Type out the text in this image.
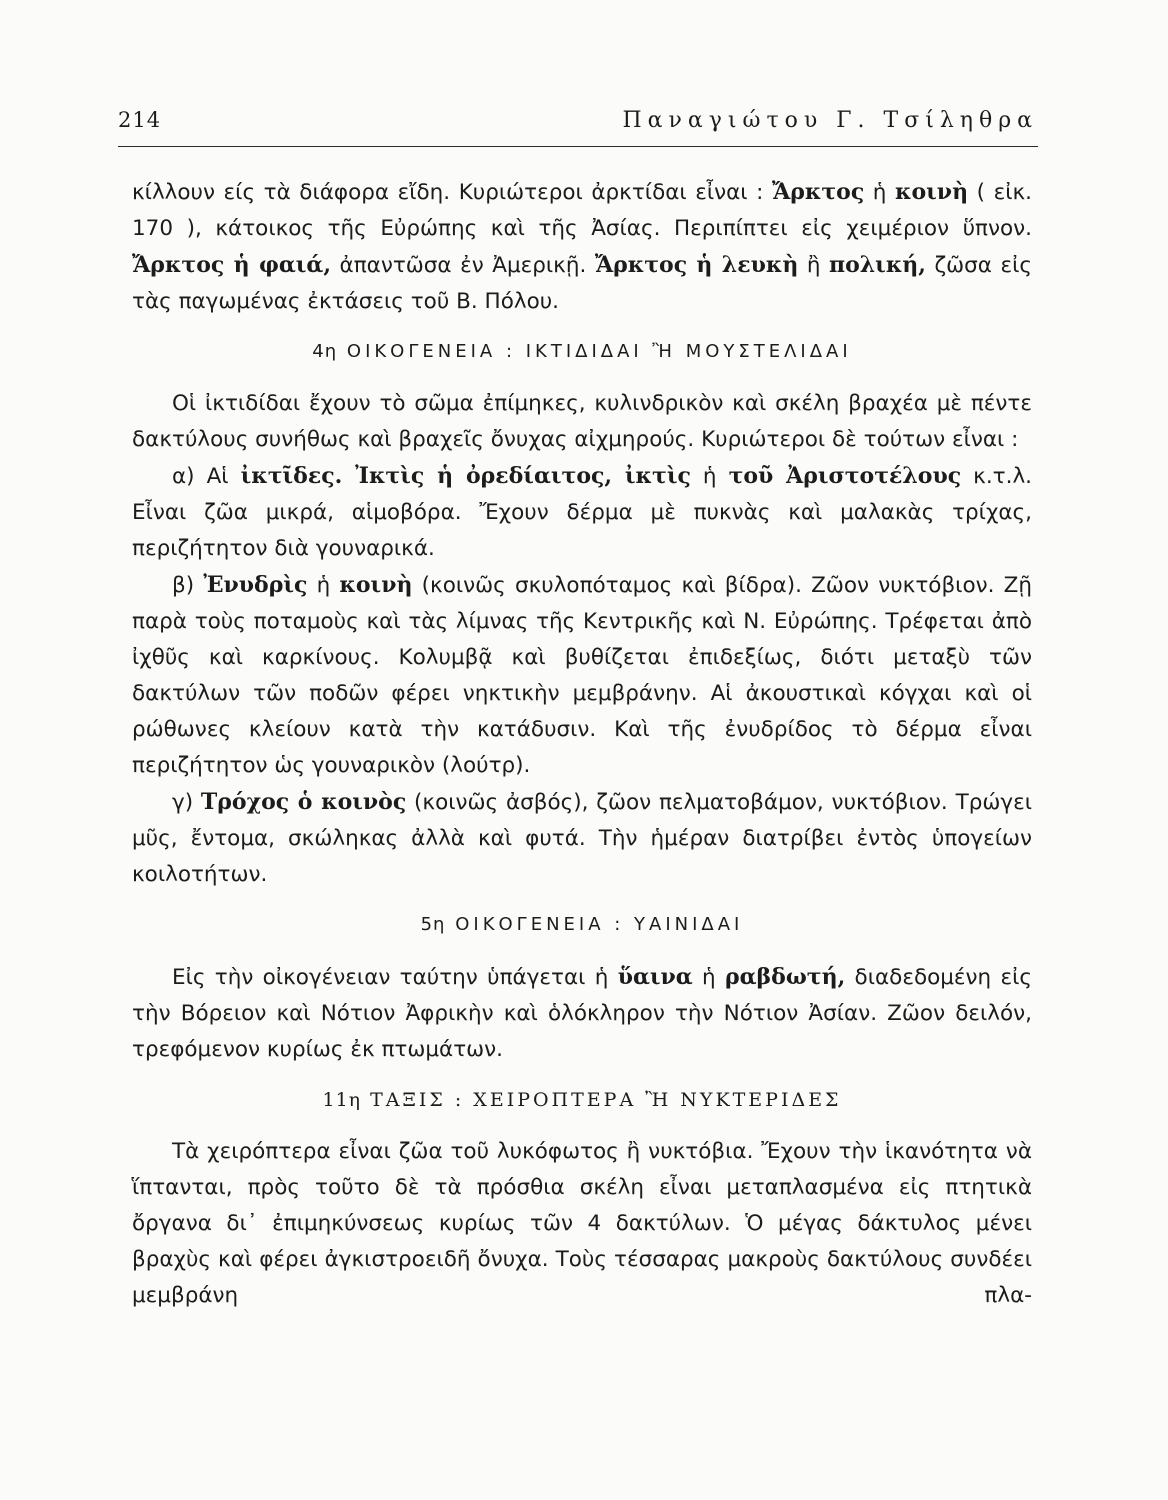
214	Παναγιώτου Γ. Τσίληθρα

κίλλουν είς τὰ διάφορα εἴδη. Κυριώτεροι ἀρκτίδαι εἶναι : Ἄρκτος ἡ κοινὴ ( εἰκ. 170 ), κάτοικος τῆς Εὐρώπης καὶ τῆς Ἀσίας. Περιπίπτει εἰς χειμέριον ὕπνον. Ἄρκτος ἡ φαιά, ἀπαντῶσα ἐν Ἀμερικῇ. Ἄρκτος ἡ λευκὴ ἢ πολική, ζῶσα εἰς τὰς παγωμένας ἐκτάσεις τοῦ Β. Πόλου.

4η ΟΙΚΟΓΕΝΕΙΑ : ΙΚΤΙΔΙΔΑΙ Ἢ ΜΟΥΣΤΕΛΙΔΑΙ

Οἱ ἰκτιδίδαι ἔχουν τὸ σῶμα ἐπίμηκες, κυλινδρικὸν καὶ σκέλη βραχέα μὲ πέντε δακτύλους συνήθως καὶ βραχεῖς ὄνυχας αἰχμηρούς. Κυριώτεροι δὲ τούτων εἶναι :

α) Αἱ ἰκτῖδες. Ἰκτὶς ἡ ὀρεδίαιτος, ἰκτὶς ἡ τοῦ Ἀριστοτέλους κ.τ.λ. Εἶναι ζῶα μικρά, αἱμοβόρα. Ἔχουν δέρμα μὲ πυκνὰς καὶ μαλακὰς τρίχας, περιζήτητον διὰ γουναρικά.

β) Ἐνυδρὶς ἡ κοινὴ (κοινῶς σκυλοπόταμος καὶ βίδρα). Ζῶον νυκτόβιον. Ζῇ παρὰ τοὺς ποταμοὺς καὶ τὰς λίμνας τῆς Κεντρικῆς καὶ Ν. Εὐρώπης. Τρέφεται ἀπὸ ἰχθῦς καὶ καρκίνους. Κολυμβᾷ καὶ βυθίζεται ἐπιδεξίως, διότι μεταξὺ τῶν δακτύλων τῶν ποδῶν φέρει νηκτικὴν μεμβράνην. Αἱ ἀκουστικαὶ κόγχαι καὶ οἱ ρώθωνες κλείουν κατὰ τὴν κατάδυσιν. Καὶ τῆς ἐνυδρίδος τὸ δέρμα εἶναι περιζήτητον ὡς γουναρικὸν (λούτρ).

γ) Τρόχος ὁ κοινὸς (κοινῶς ἀσβός), ζῶον πελματοβάμον, νυκτόβιον. Τρώγει μῦς, ἔντομα, σκώληκας ἀλλὰ καὶ φυτά. Τὴν ἡμέραν διατρίβει ἐντὸς ὑπογείων κοιλοτήτων.

5η ΟΙΚΟΓΕΝΕΙΑ : ΥΑΙΝΙΔΑΙ

Εἰς τὴν οἰκογένειαν ταύτην ὑπάγεται ἡ ὕαινα ἡ ραβδωτή, διαδεδομένη εἰς τὴν Βόρειον καὶ Νότιον Ἀφρικὴν καὶ ὁλόκληρον τὴν Νότιον Ἀσίαν. Ζῶον δειλόν, τρεφόμενον κυρίως ἐκ πτωμάτων.

11η ΤΑΞΙΣ : ΧΕΙΡΟΠΤΕΡΑ Ἢ ΝΥΚΤΕΡΙΔΕΣ

Τὰ χειρόπτερα εἶναι ζῶα τοῦ λυκόφωτος ἢ νυκτόβια. Ἔχουν τὴν ἱκανότητα νὰ ἵπτανται, πρὸς τοῦτο δὲ τὰ πρόσθια σκέλη εἶναι μεταπλασμένα εἰς πτητικὰ ὄργανα δι᾿ ἐπιμηκύνσεως κυρίως τῶν 4 δακτύλων. Ὁ μέγας δάκτυλος μένει βραχὺς καὶ φέρει ἀγκιστροειδῆ ὄνυχα. Τοὺς τέσσαρας μακροὺς δακτύλους συνδέει μεμβράνη πλα-
